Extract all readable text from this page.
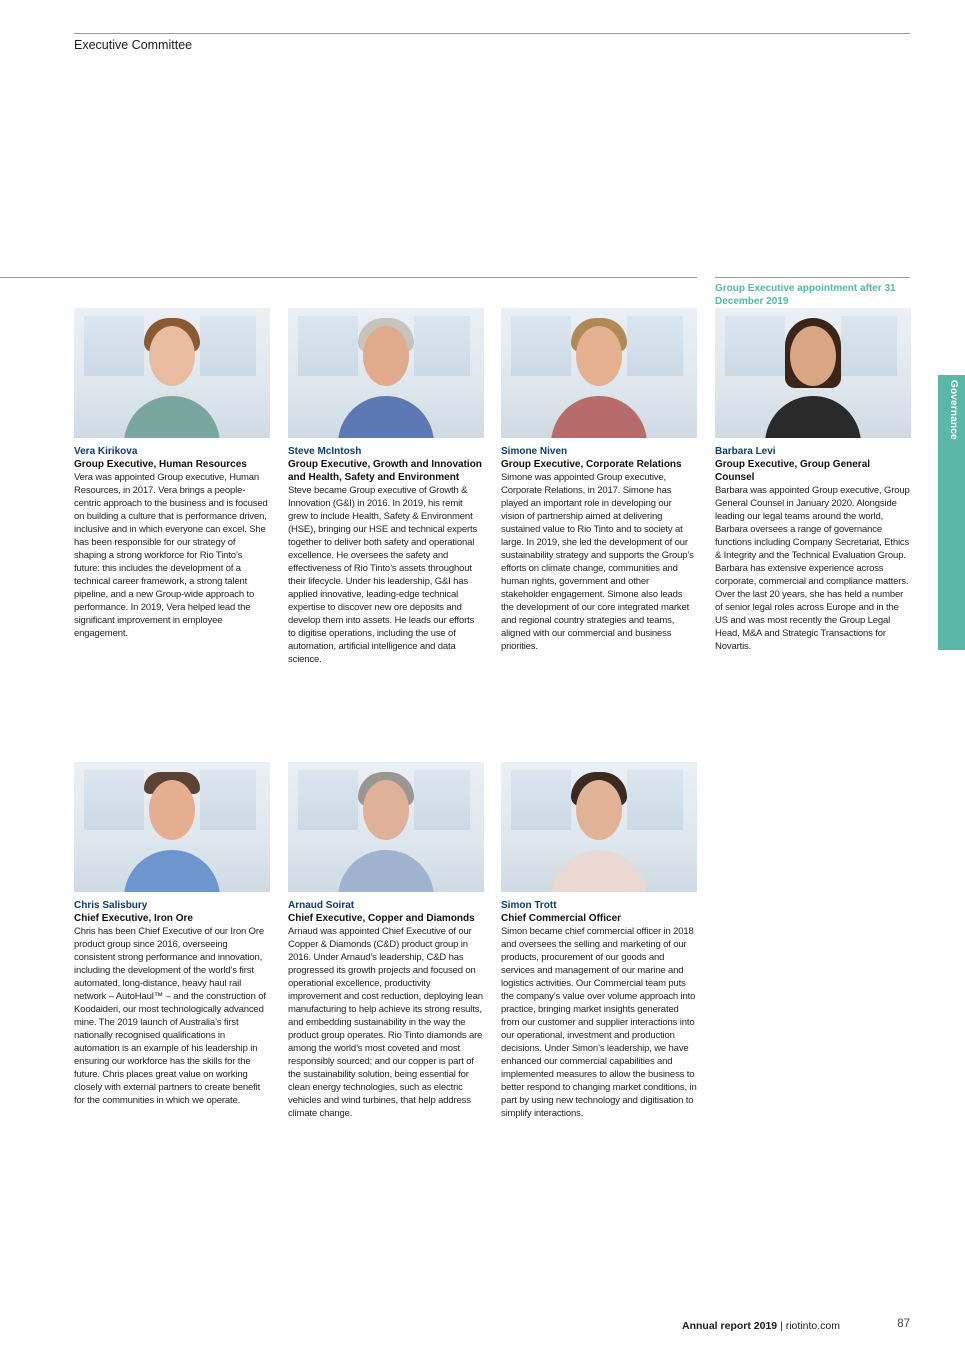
Executive Committee
Group Executive appointment after 31 December 2019
Governance
Vera Kirikova
Group Executive, Human Resources
Vera was appointed Group executive, Human Resources, in 2017. Vera brings a people-centric approach to the business and is focused on building a culture that is performance driven, inclusive and in which everyone can excel. She has been responsible for our strategy of shaping a strong workforce for Rio Tinto’s future: this includes the development of a technical career framework, a strong talent pipeline, and a new Group-wide approach to performance. In 2019, Vera helped lead the significant improvement in employee engagement.
Steve McIntosh
Group Executive, Growth and Innovation and Health, Safety and Environment
Steve became Group executive of Growth & Innovation (G&I) in 2016. In 2019, his remit grew to include Health, Safety & Environment (HSE), bringing our HSE and technical experts together to deliver both safety and operational excellence. He oversees the safety and effectiveness of Rio Tinto’s assets throughout their lifecycle. Under his leadership, G&I has applied innovative, leading-edge technical expertise to discover new ore deposits and develop them into assets. He leads our efforts to digitise operations, including the use of automation, artificial intelligence and data science.
Simone Niven
Group Executive, Corporate Relations
Simone was appointed Group executive, Corporate Relations, in 2017. Simone has played an important role in developing our vision of partnership aimed at delivering sustained value to Rio Tinto and to society at large. In 2019, she led the development of our sustainability strategy and supports the Group’s efforts on climate change, communities and human rights, government and other stakeholder engagement. Simone also leads the development of our core integrated market and regional country strategies and teams, aligned with our commercial and business priorities.
Barbara Levi
Group Executive, Group General Counsel
Barbara was appointed Group executive, Group General Counsel in January 2020. Alongside leading our legal teams around the world, Barbara oversees a range of governance functions including Company Secretariat, Ethics & Integrity and the Technical Evaluation Group. Barbara has extensive experience across corporate, commercial and compliance matters. Over the last 20 years, she has held a number of senior legal roles across Europe and in the US and was most recently the Group Legal Head, M&A and Strategic Transactions for Novartis.
Chris Salisbury
Chief Executive, Iron Ore
Chris has been Chief Executive of our Iron Ore product group since 2016, overseeing consistent strong performance and innovation, including the development of the world’s first automated, long-distance, heavy haul rail network – AutoHaul™ – and the construction of Koodaideri, our most technologically advanced mine. The 2019 launch of Australia’s first nationally recognised qualifications in automation is an example of his leadership in ensuring our workforce has the skills for the future. Chris places great value on working closely with external partners to create benefit for the communities in which we operate.
Arnaud Soirat
Chief Executive, Copper and Diamonds
Arnaud was appointed Chief Executive of our Copper & Diamonds (C&D) product group in 2016. Under Arnaud’s leadership, C&D has progressed its growth projects and focused on operational excellence, productivity improvement and cost reduction, deploying lean manufacturing to help achieve its strong results, and embedding sustainability in the way the product group operates. Rio Tinto diamonds are among the world’s most coveted and most responsibly sourced; and our copper is part of the sustainability solution, being essential for clean energy technologies, such as electric vehicles and wind turbines, that help address climate change.
Simon Trott
Chief Commercial Officer
Simon became chief commercial officer in 2018 and oversees the selling and marketing of our products, procurement of our goods and services and management of our marine and logistics activities. Our Commercial team puts the company’s value over volume approach into practice, bringing market insights generated from our customer and supplier interactions into our operational, investment and production decisions. Under Simon’s leadership, we have enhanced our commercial capabilities and implemented measures to allow the business to better respond to changing market conditions, in part by using new technology and digitisation to simplify interactions.
Annual report 2019 | riotinto.com	87
